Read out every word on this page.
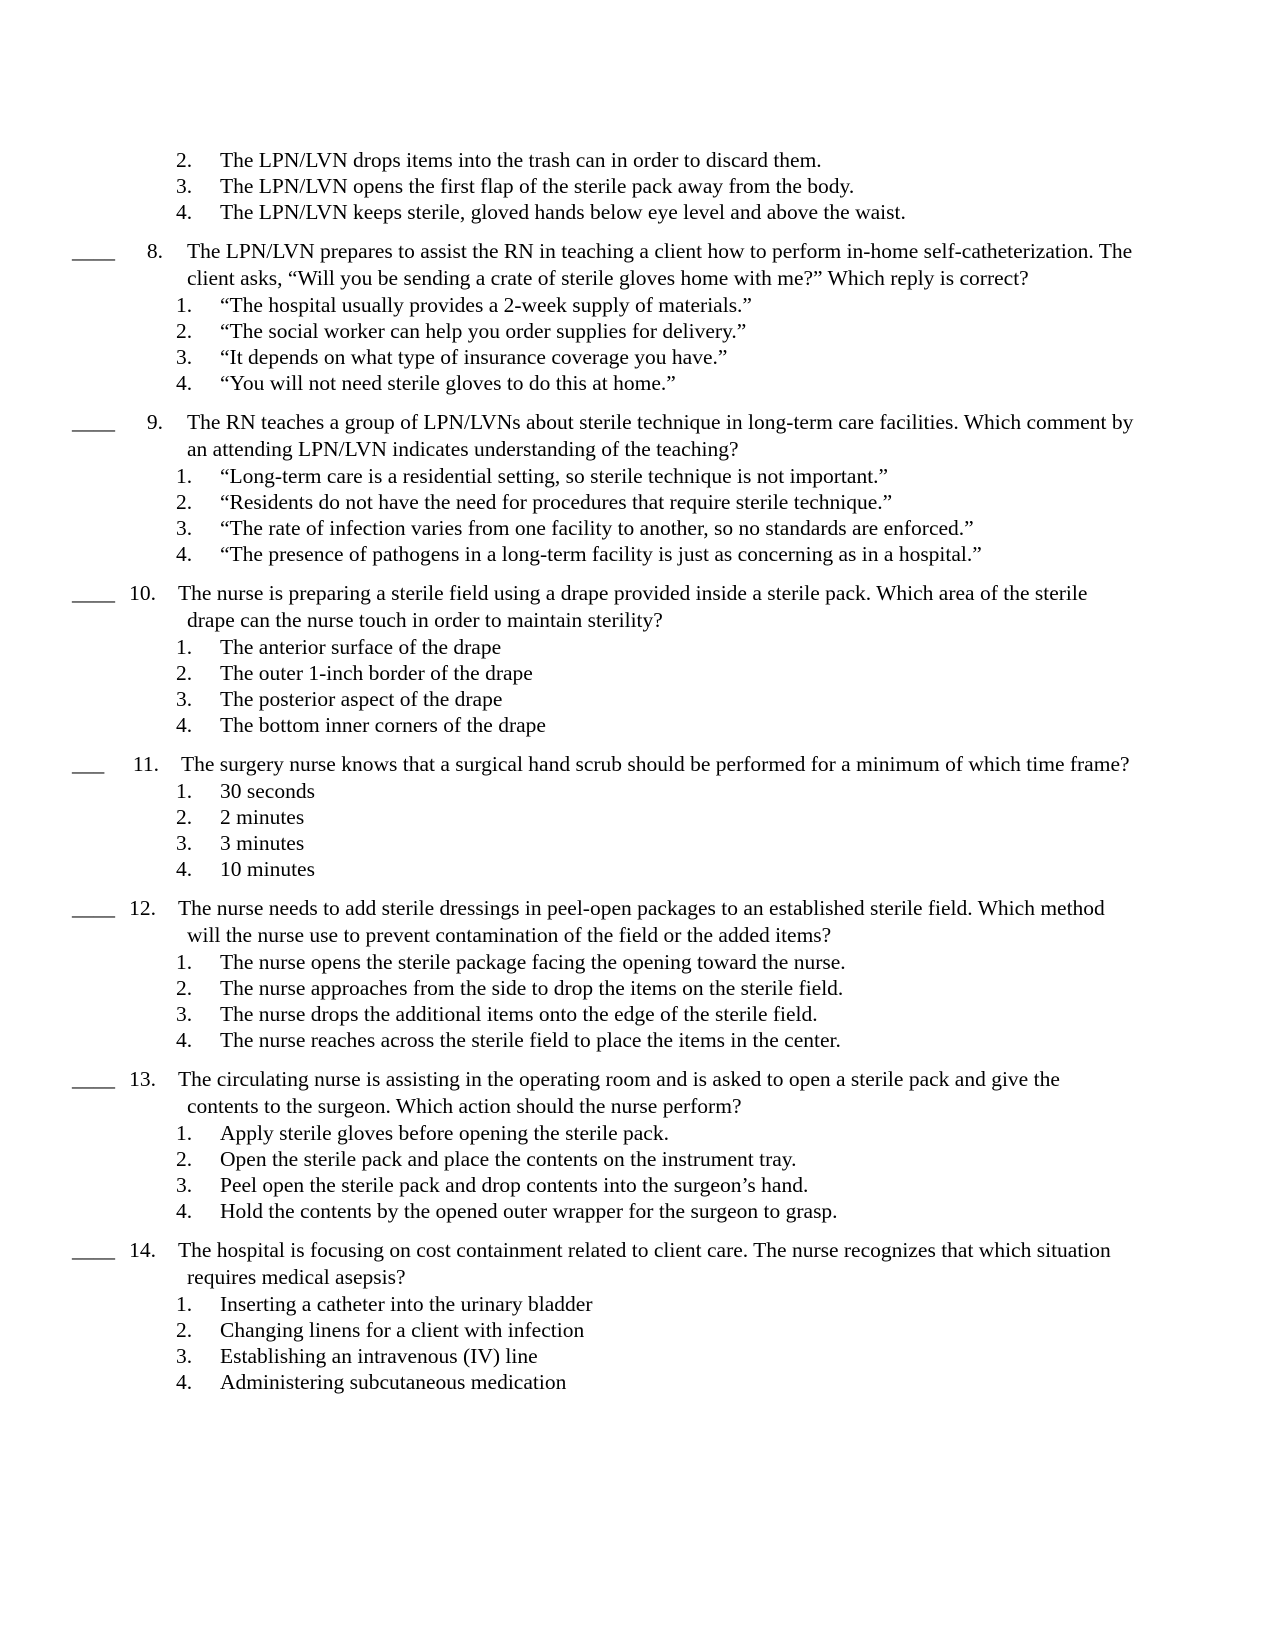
2. The LPN/LVN drops items into the trash can in order to discard them.
3. The LPN/LVN opens the first flap of the sterile pack away from the body.
4. The LPN/LVN keeps sterile, gloved hands below eye level and above the waist.
____	8. The LPN/LVN prepares to assist the RN in teaching a client how to perform in-home self-catheterization. The
client asks, “Will you be sending a crate of sterile gloves home with me?” Which reply is correct?
1. “The hospital usually provides a 2-week supply of materials.”
2. “The social worker can help you order supplies for delivery.”
3. “It depends on what type of insurance coverage you have.”
4. “You will not need sterile gloves to do this at home.”
____	9. The RN teaches a group of LPN/LVNs about sterile technique in long-term care facilities. Which comment by
an attending LPN/LVN indicates understanding of the teaching?
1. “Long-term care is a residential setting, so sterile technique is not important.”
2. “Residents do not have the need for procedures that require sterile technique.”
3. “The rate of infection varies from one facility to another, so no standards are enforced.”
4. “The presence of pathogens in a long-term facility is just as concerning as in a hospital.”
____ 10. The nurse is preparing a sterile field using a drape provided inside a sterile pack. Which area of the sterile
drape can the nurse touch in order to maintain sterility?
1. The anterior surface of the drape
2. The outer 1-inch border of the drape
3. The posterior aspect of the drape
4. The bottom inner corners of the drape
___	11. The surgery nurse knows that a surgical hand scrub should be performed for a minimum of which time frame?
1. 30 seconds
2. 2 minutes
3. 3 minutes
4. 10 minutes
____ 12. The nurse needs to add sterile dressings in peel-open packages to an established sterile field. Which method
will the nurse use to prevent contamination of the field or the added items?
1. The nurse opens the sterile package facing the opening toward the nurse.
2. The nurse approaches from the side to drop the items on the sterile field.
3. The nurse drops the additional items onto the edge of the sterile field.
4. The nurse reaches across the sterile field to place the items in the center.
____ 13. The circulating nurse is assisting in the operating room and is asked to open a sterile pack and give the
contents to the surgeon. Which action should the nurse perform?
1. Apply sterile gloves before opening the sterile pack.
2. Open the sterile pack and place the contents on the instrument tray.
3. Peel open the sterile pack and drop contents into the surgeon’s hand.
4. Hold the contents by the opened outer wrapper for the surgeon to grasp.
____ 14. The hospital is focusing on cost containment related to client care. The nurse recognizes that which situation
requires medical asepsis?
1. Inserting a catheter into the urinary bladder
2. Changing linens for a client with infection
3. Establishing an intravenous (IV) line
4. Administering subcutaneous medication
